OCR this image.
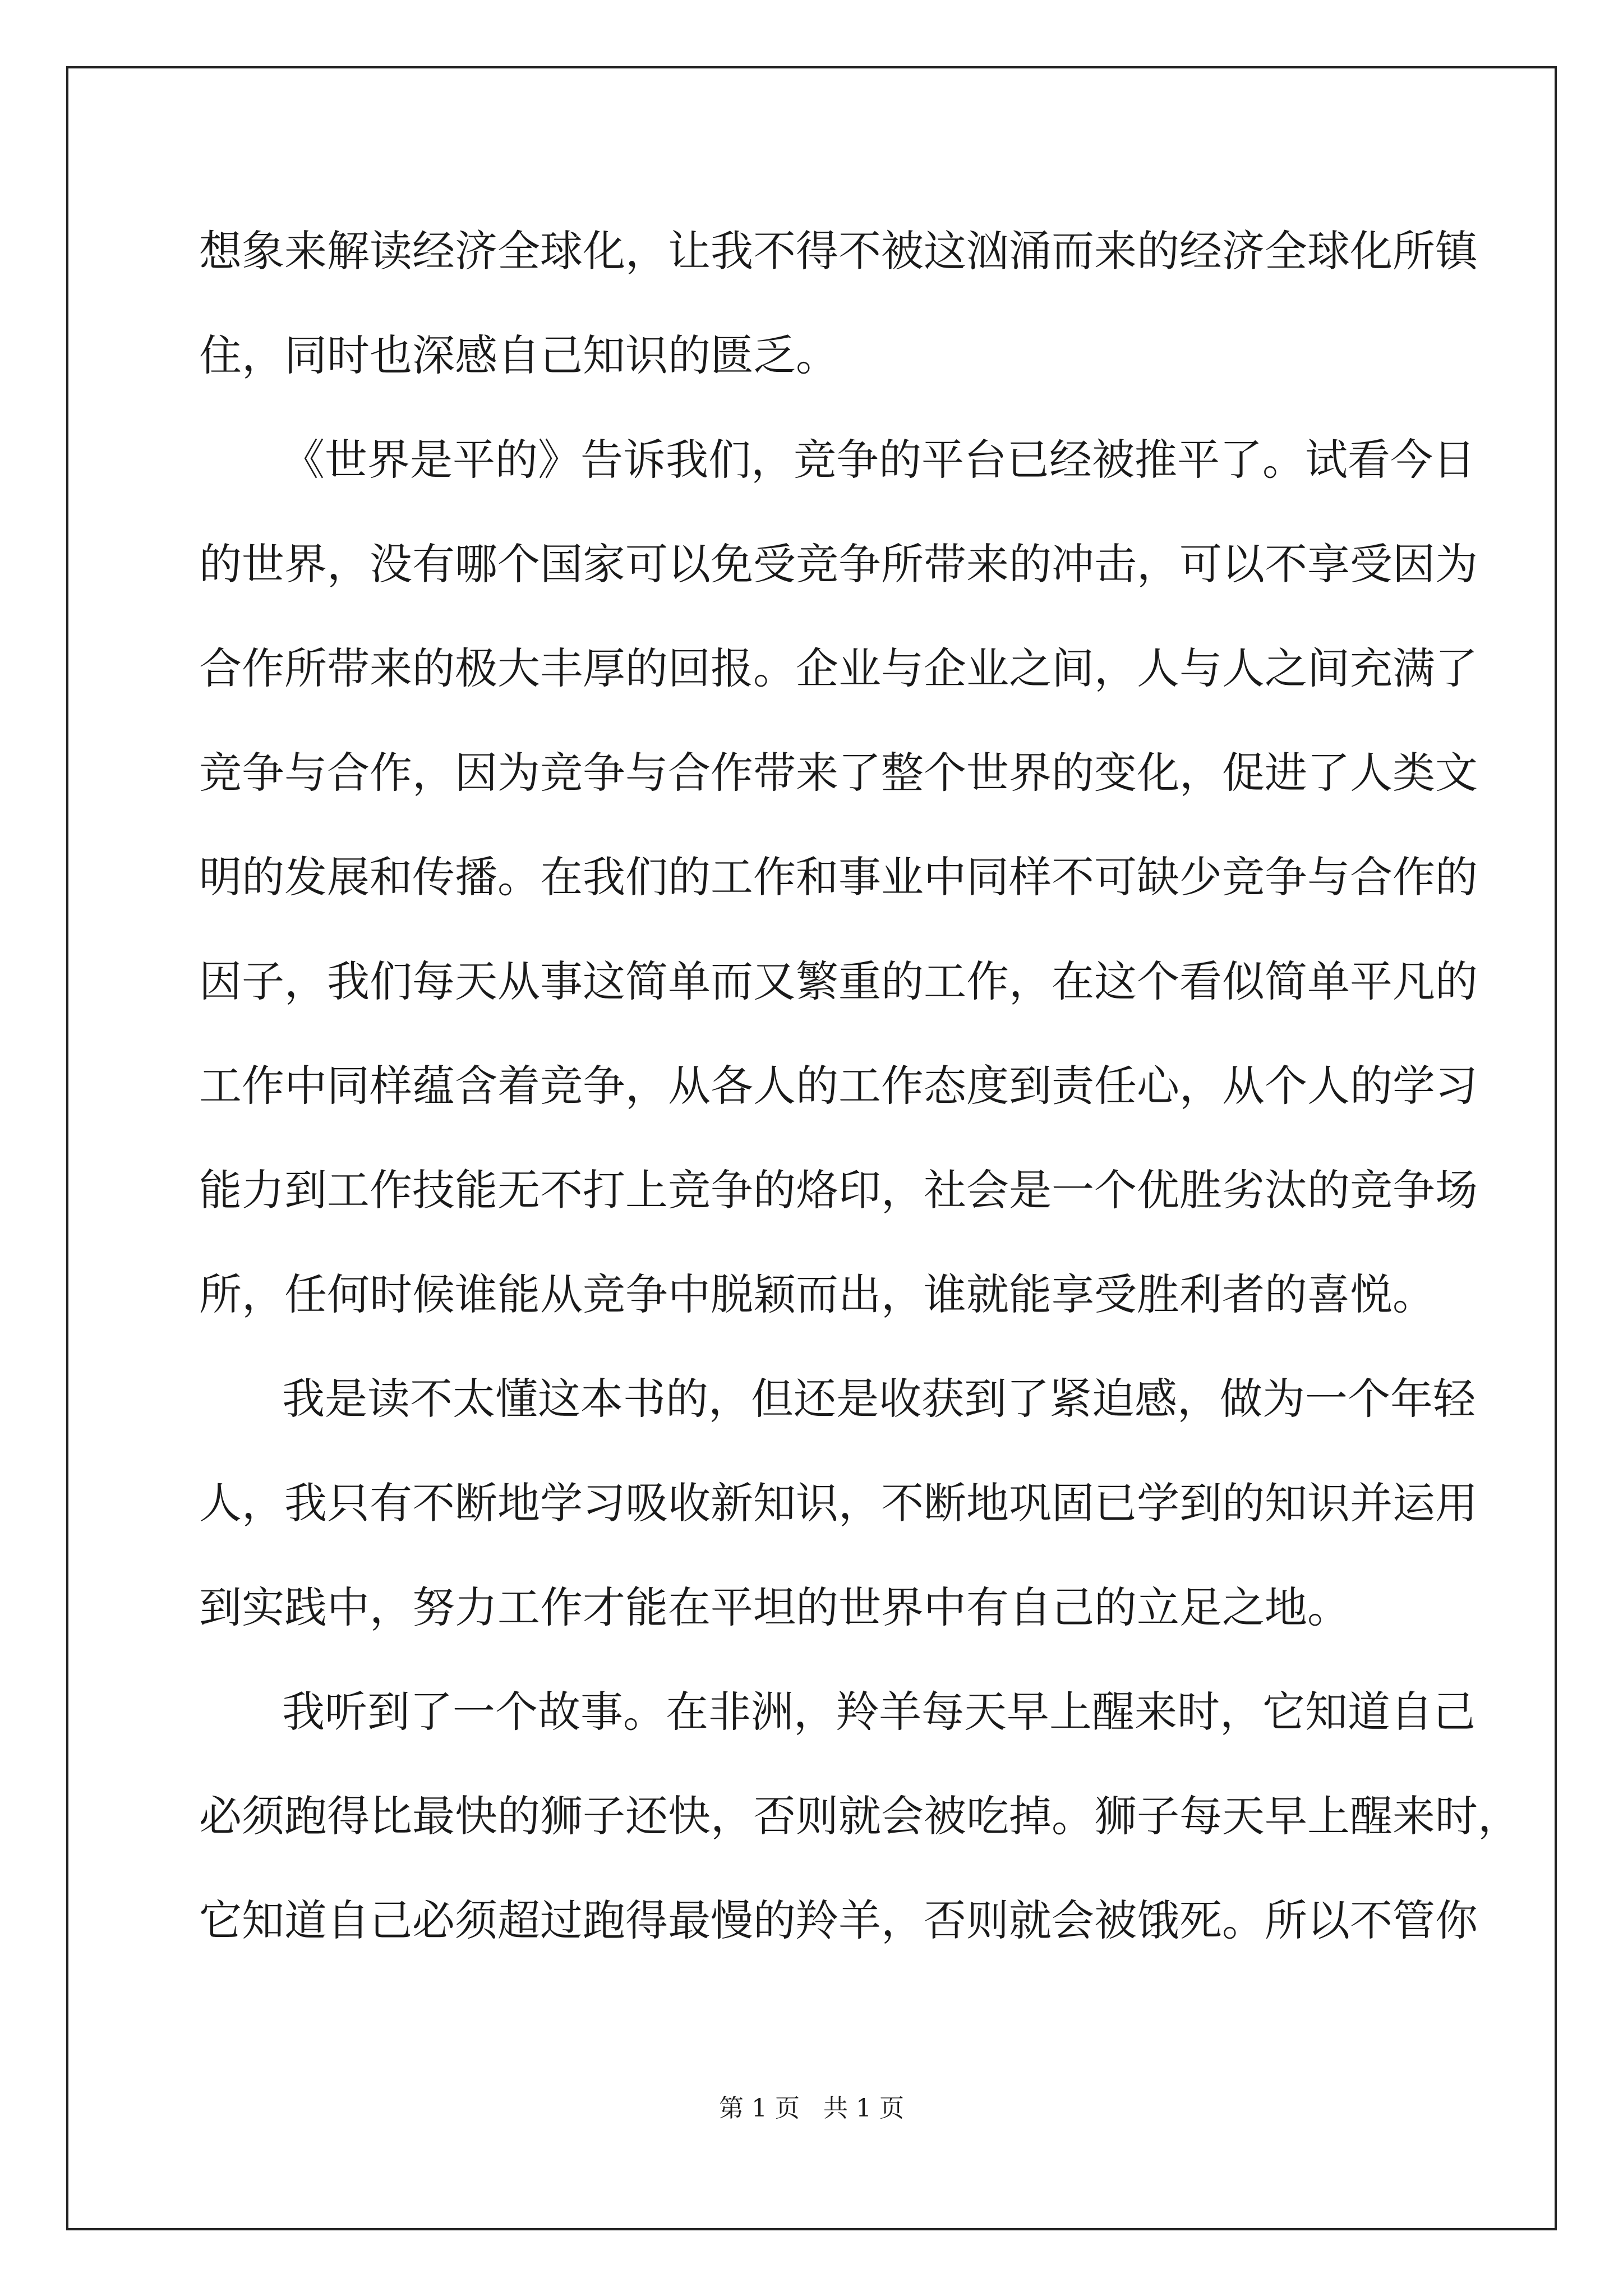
想象来解读经济全球化，让我不得不被这汹涌而来的经济全球化所镇
住，同时也深感自己知识的匮乏。
《世界是平的》告诉我们，竞争的平台已经被推平了。试看今日
的世界，没有哪个国家可以免受竞争所带来的冲击，可以不享受因为
合作所带来的极大丰厚的回报。企业与企业之间，人与人之间充满了
竞争与合作，因为竞争与合作带来了整个世界的变化，促进了人类文
明的发展和传播。在我们的工作和事业中同样不可缺少竞争与合作的
因子，我们每天从事这简单而又繁重的工作，在这个看似简单平凡的
工作中同样蕴含着竞争，从各人的工作态度到责任心，从个人的学习
能力到工作技能无不打上竞争的烙印，社会是一个优胜劣汰的竞争场
所，任何时候谁能从竞争中脱颖而出，谁就能享受胜利者的喜悦。
我是读不太懂这本书的，但还是收获到了紧迫感，做为一个年轻
人，我只有不断地学习吸收新知识，不断地巩固已学到的知识并运用
到实践中，努力工作才能在平坦的世界中有自己的立足之地。
我听到了一个故事。在非洲，羚羊每天早上醒来时，它知道自己
必须跑得比最快的狮子还快，否则就会被吃掉。狮子每天早上醒来时，
它知道自己必须超过跑得最慢的羚羊，否则就会被饿死。所以不管你
第 1 页   共 1 页
